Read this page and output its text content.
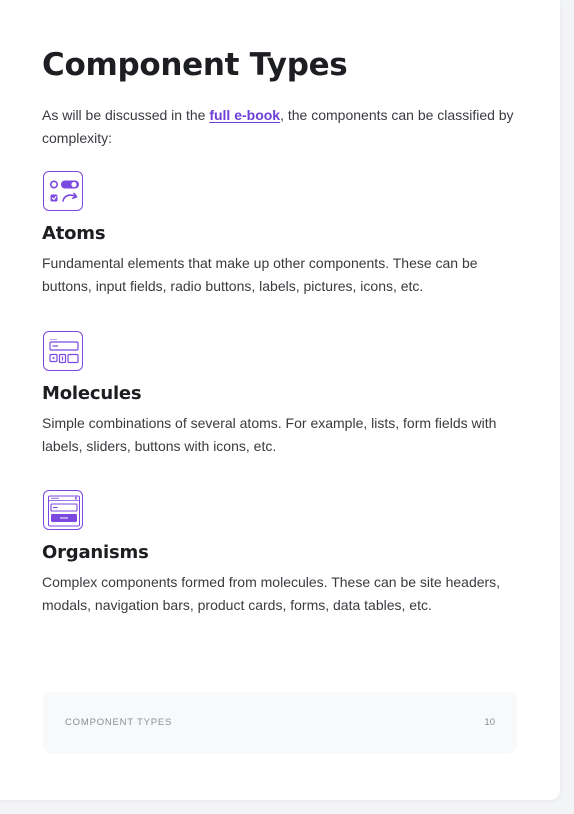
Component Types

As will be discussed in the full e-book, the components can be classified by complexity:

Atoms

Fundamental elements that make up other components. These can be buttons, input fields, radio buttons, labels, pictures, icons, etc.

Molecules

Simple combinations of several atoms. For example, lists, form fields with labels, sliders, buttons with icons, etc.

Organisms

Complex components formed from molecules. These can be site headers, modals, navigation bars, product cards, forms, data tables, etc.

COMPONENT TYPES	10
